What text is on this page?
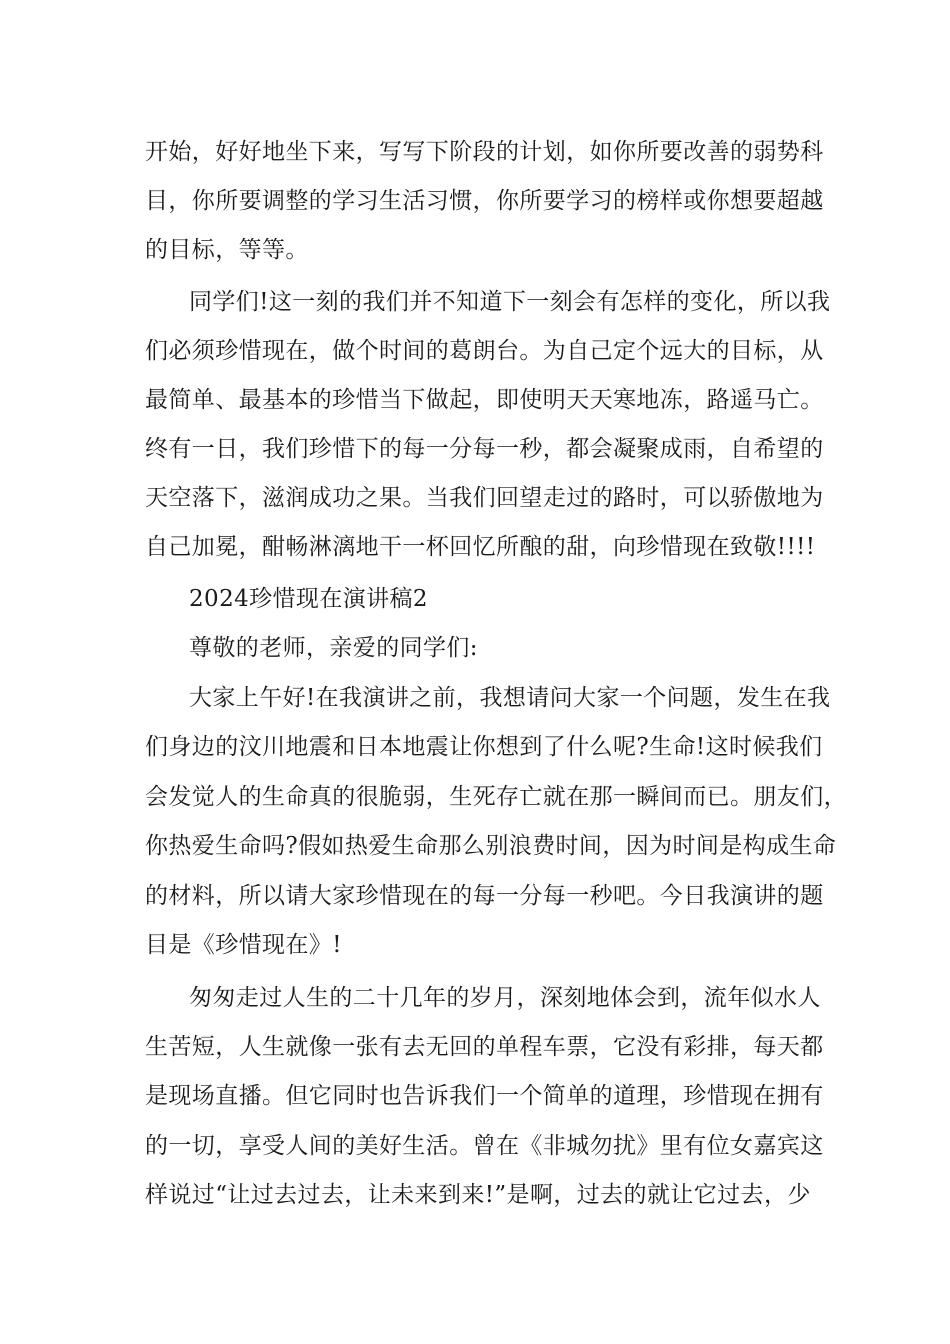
开始，好好地坐下来，写写下阶段的计划，如你所要改善的弱势科
目，你所要调整的学习生活习惯，你所要学习的榜样或你想要超越
的目标，等等。
同学们!这一刻的我们并不知道下一刻会有怎样的变化，所以我
们必须珍惜现在，做个时间的葛朗台。为自己定个远大的目标，从
最简单、最基本的珍惜当下做起，即使明天天寒地冻，路遥马亡。
终有一日，我们珍惜下的每一分每一秒，都会凝聚成雨，自希望的
天空落下，滋润成功之果。当我们回望走过的路时，可以骄傲地为
自己加冕，酣畅淋漓地干一杯回忆所酿的甜，向珍惜现在致敬!!!!
2024珍惜现在演讲稿2
尊敬的老师，亲爱的同学们:
大家上午好!在我演讲之前，我想请问大家一个问题，发生在我
们身边的汶川地震和日本地震让你想到了什么呢?生命!这时候我们
会发觉人的生命真的很脆弱，生死存亡就在那一瞬间而已。朋友们，
你热爱生命吗?假如热爱生命那么别浪费时间，因为时间是构成生命
的材料，所以请大家珍惜现在的每一分每一秒吧。今日我演讲的题
目是《珍惜现在》!
匆匆走过人生的二十几年的岁月，深刻地体会到，流年似水人
生苦短，人生就像一张有去无回的单程车票，它没有彩排，每天都
是现场直播。但它同时也告诉我们一个简单的道理，珍惜现在拥有
的一切，享受人间的美好生活。曾在《非城勿扰》里有位女嘉宾这
样说过“让过去过去，让未来到来!”是啊，过去的就让它过去，少
